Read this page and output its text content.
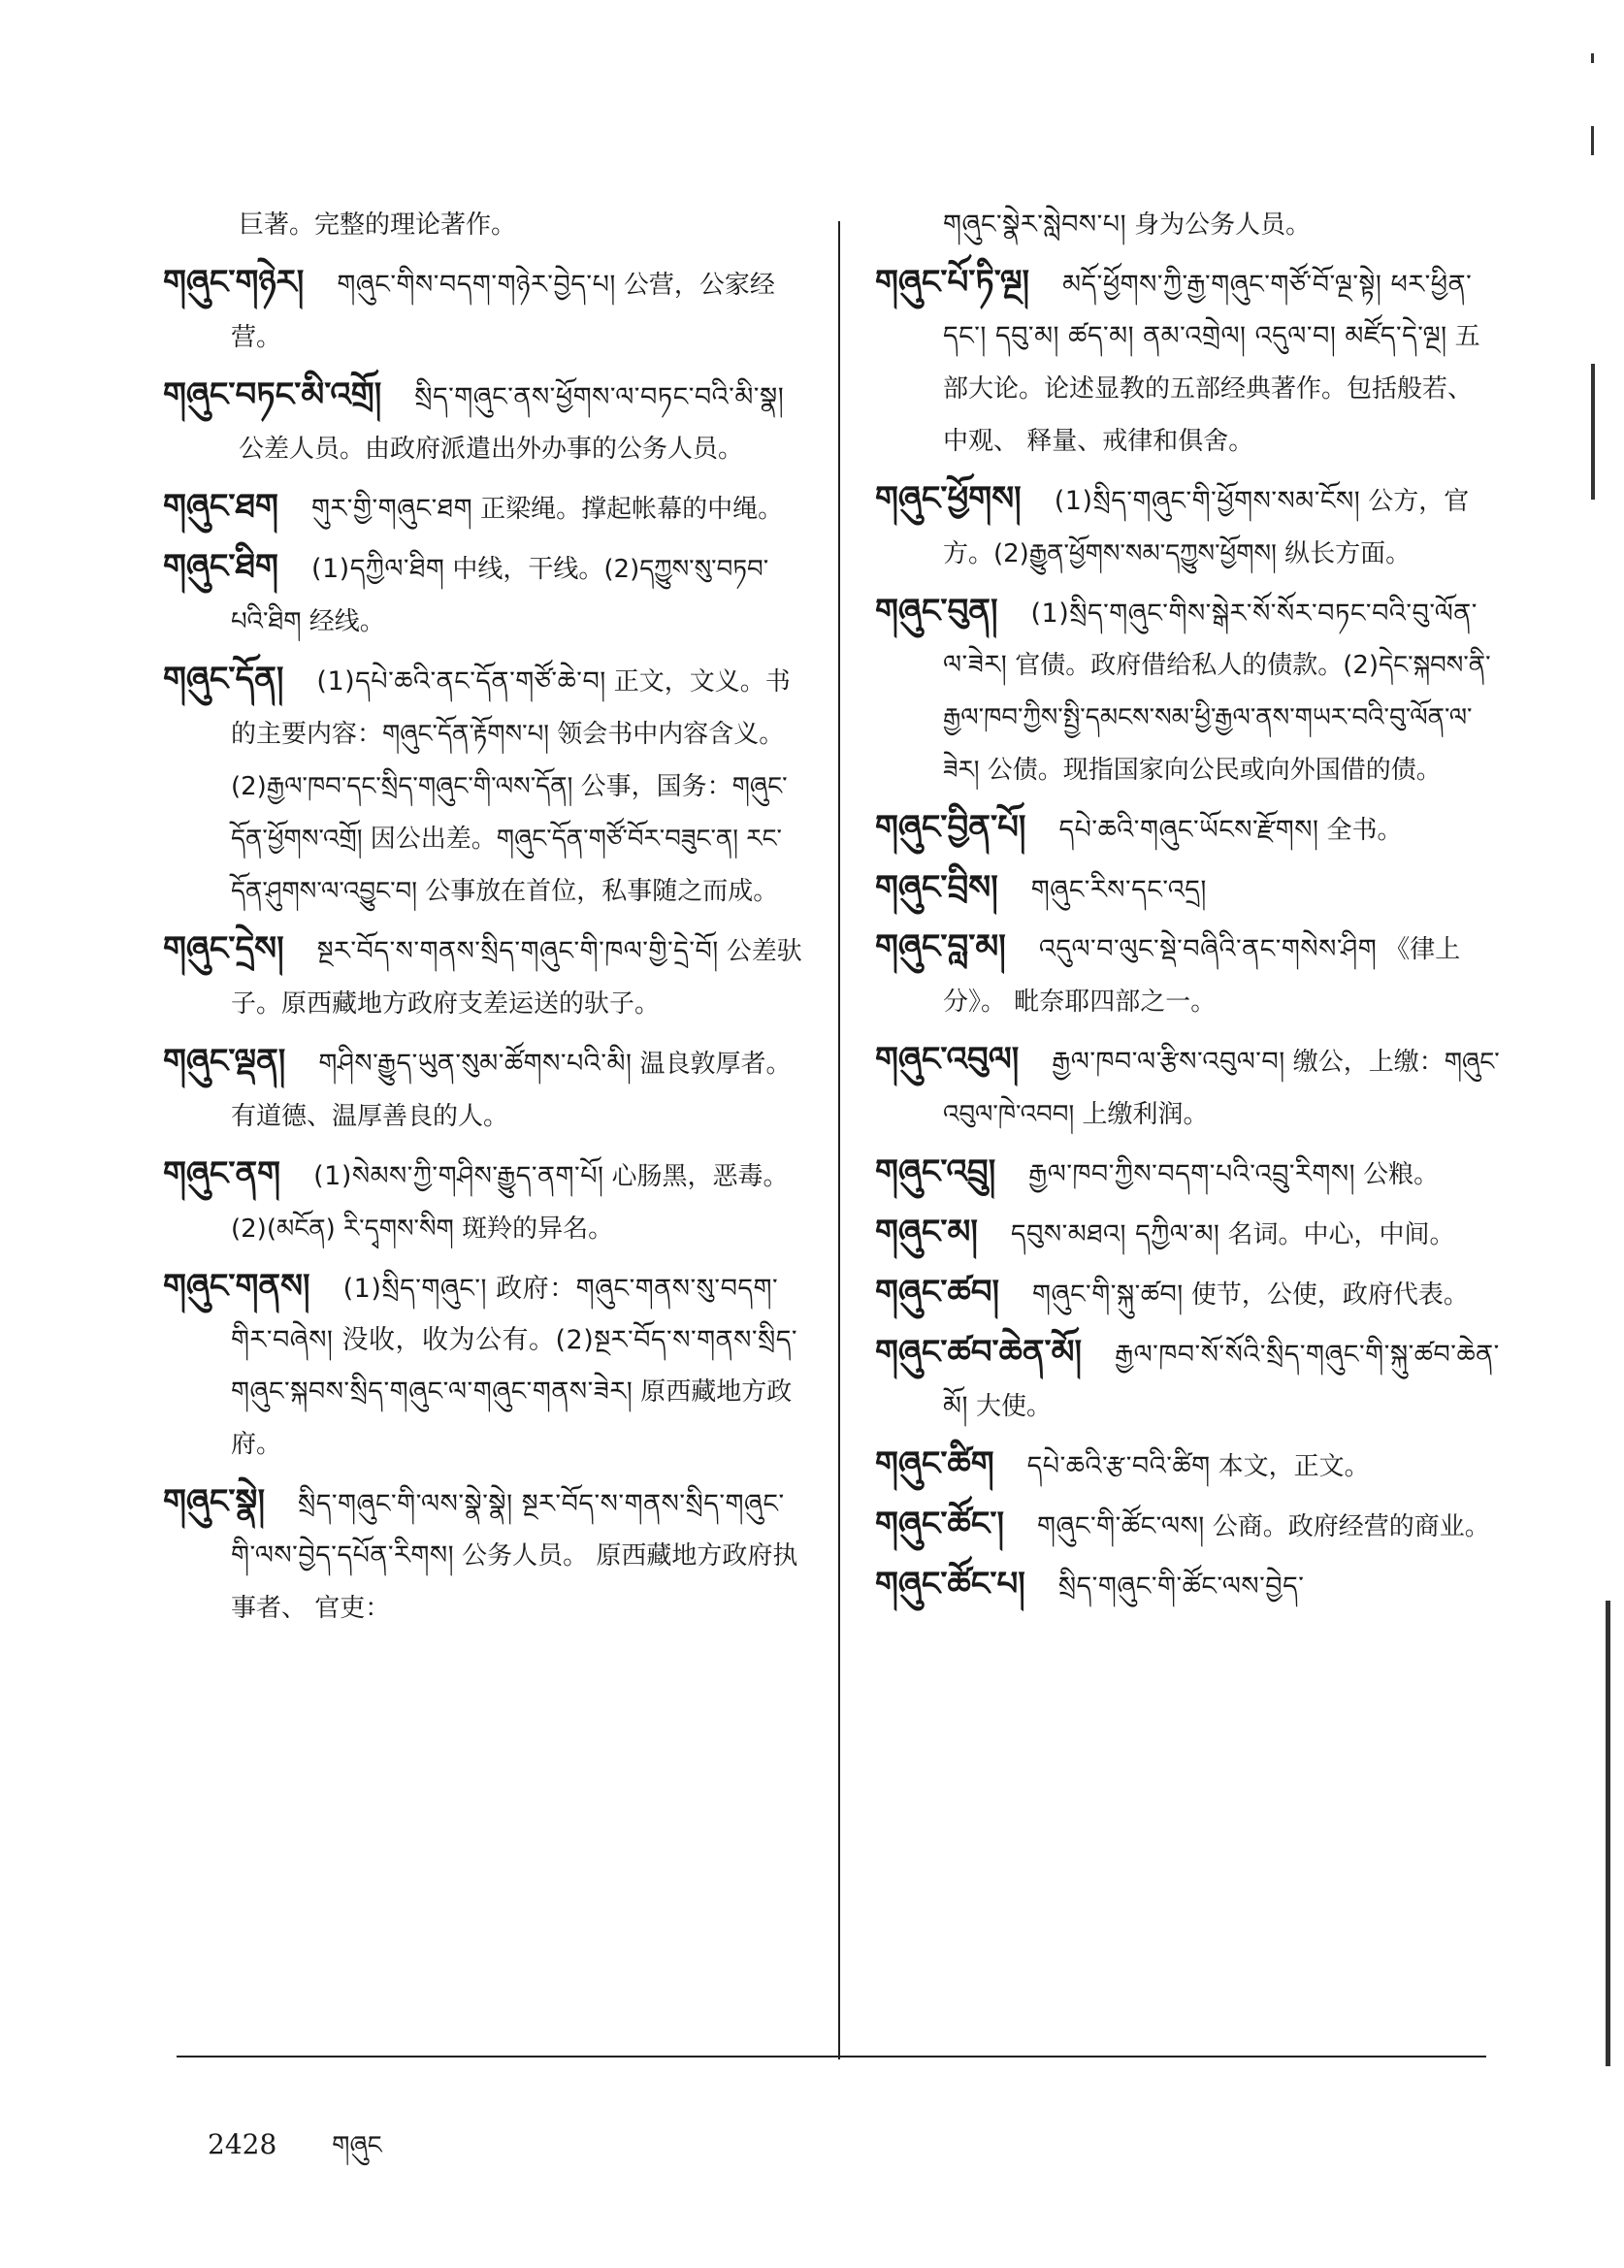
巨著。完整的理论著作。

གཞུང་གཉེར། གཞུང་གིས་བདག་གཉེར་བྱེད་པ། 公营，公家经营。

གཞུང་བཏང་མི་འགྲོ། སྲིད་གཞུང་ནས་ཕྱོགས་ལ་བཏང་བའི་མི་སྣ།公差人员。由政府派遣出外办事的公务人员。

གཞུང་ཐག གུར་གྱི་གཞུང་ཐག 正梁绳。撑起帐幕的中绳。

གཞུང་ཐིག (1)དཀྱིལ་ཐིག 中线，干线。(2)དཀྱུས་སུ་བཏབ་པའི་ཐིག 经线。

གཞུང་དོན། (1)དཔེ་ཆའི་ནང་དོན་གཙོ་ཆེ་བ། 正文，文义。书的主要内容：གཞུང་དོན་རྟོགས་པ། 领会书中内容含义。(2)རྒྱལ་ཁབ་དང་སྲིད་གཞུང་གི་ལས་དོན། 公事，国务：གཞུང་དོན་ཕྱོགས་འགྲོ། 因公出差。གཞུང་དོན་གཙོ་བོར་བཟུང་ན། རང་དོན་ཤུགས་ལ་འབྱུང་བ། 公事放在首位，私事随之而成。

གཞུང་དྲེས། སྔར་བོད་ས་གནས་སྲིད་གཞུང་གི་ཁལ་གྱི་དྲེ་བོ། 公差驮子。原西藏地方政府支差运送的驮子。

གཞུང་ལྡན། གཤིས་རྒྱུད་ཡུན་སུམ་ཚོགས་པའི་མི། 温良敦厚者。有道德、温厚善良的人。

གཞུང་ནག (1)སེམས་ཀྱི་གཤིས་རྒྱུད་ནག་པོ། 心肠黑，恶毒。(2)(མངོན) རི་དྭགས་སིག 斑羚的异名。

གཞུང་གནས། (1)སྲིད་གཞུང་། 政府：གཞུང་གནས་སུ་བདག་གིར་བཞེས། 没收，收为公有。(2)སྔར་བོད་ས་གནས་སྲིད་གཞུང་སྐབས་སྲིད་གཞུང་ལ་གཞུང་གནས་ཟེར། 原西藏地方政府。

གཞུང་སྣེ། སྲིད་གཞུང་གི་ལས་སྣེ་སྣེ། སྔར་བོད་ས་གནས་སྲིད་གཞུང་གི་ལས་བྱེད་དཔོན་རིགས། 公务人员。 原西藏地方政府执事者、 官吏：

གཞུང་སྣེར་སླེབས་པ། 身为公务人员。

གཞུང་པོ་ཏི་ལྔ། མདོ་ཕྱོགས་ཀྱི་རྒྱ་གཞུང་གཙོ་བོ་ལྔ་སྟེ། ཕར་ཕྱིན་དང་། དབུ་མ། ཚད་མ། ནམ་འགྲེལ། འདུལ་བ། མཛོད་དེ་ལྔ། 五部大论。论述显教的五部经典著作。包括般若、 中观、 释量、戒律和俱舍。

གཞུང་ཕྱོགས། (1)སྲིད་གཞུང་གི་ཕྱོགས་སམ་ངོས། 公方，官方。(2)རྒྱུན་ཕྱོགས་སམ་དཀྱུས་ཕྱོགས། 纵长方面。

གཞུང་བུན། (1)སྲིད་གཞུང་གིས་སྒེར་སོ་སོར་བཏང་བའི་བུ་ལོན་ལ་ཟེར། 官债。政府借给私人的债款。(2)དེང་སྐབས་ནི་རྒྱལ་ཁབ་ཀྱིས་སྤྱི་དམངས་སམ་ཕྱི་རྒྱལ་ནས་གཡར་བའི་བུ་ལོན་ལ་ཟེར། 公债。现指国家向公民或向外国借的债。

གཞུང་བྱིན་པོ། དཔེ་ཆའི་གཞུང་ཡོངས་རྫོགས། 全书。

གཞུང་བྲིས། གཞུང་རིས་དང་འདྲ།

གཞུང་བླ་མ། འདུལ་བ་ལུང་སྡེ་བཞིའི་ནང་གསེས་ཤིག 《律上分》。 毗奈耶四部之一。

གཞུང་འབུལ། རྒྱལ་ཁབ་ལ་རྩིས་འབུལ་བ། 缴公，上缴：གཞུང་འབུལ་ཁེ་འབབ། 上缴利润。

གཞུང་འབྲུ། རྒྱལ་ཁབ་ཀྱིས་བདག་པའི་འབྲུ་རིགས། 公粮。

གཞུང་མ། དབུས་མཐའ། དཀྱིལ་མ། 名词。中心，中间。

གཞུང་ཚབ། གཞུང་གི་སྐུ་ཚབ། 使节，公使，政府代表。

གཞུང་ཚབ་ཆེན་མོ། རྒྱལ་ཁབ་སོ་སོའི་སྲིད་གཞུང་གི་སྐུ་ཚབ་ཆེན་མོ། 大使。

གཞུང་ཚིག དཔེ་ཆའི་རྩ་བའི་ཚིག 本文，正文。

གཞུང་ཚོང་། གཞུང་གི་ཚོང་ལས། 公商。政府经营的商业。

གཞུང་ཚོང་པ། སྲིད་གཞུང་གི་ཚོང་ལས་བྱེད་

2428 གཞུང
